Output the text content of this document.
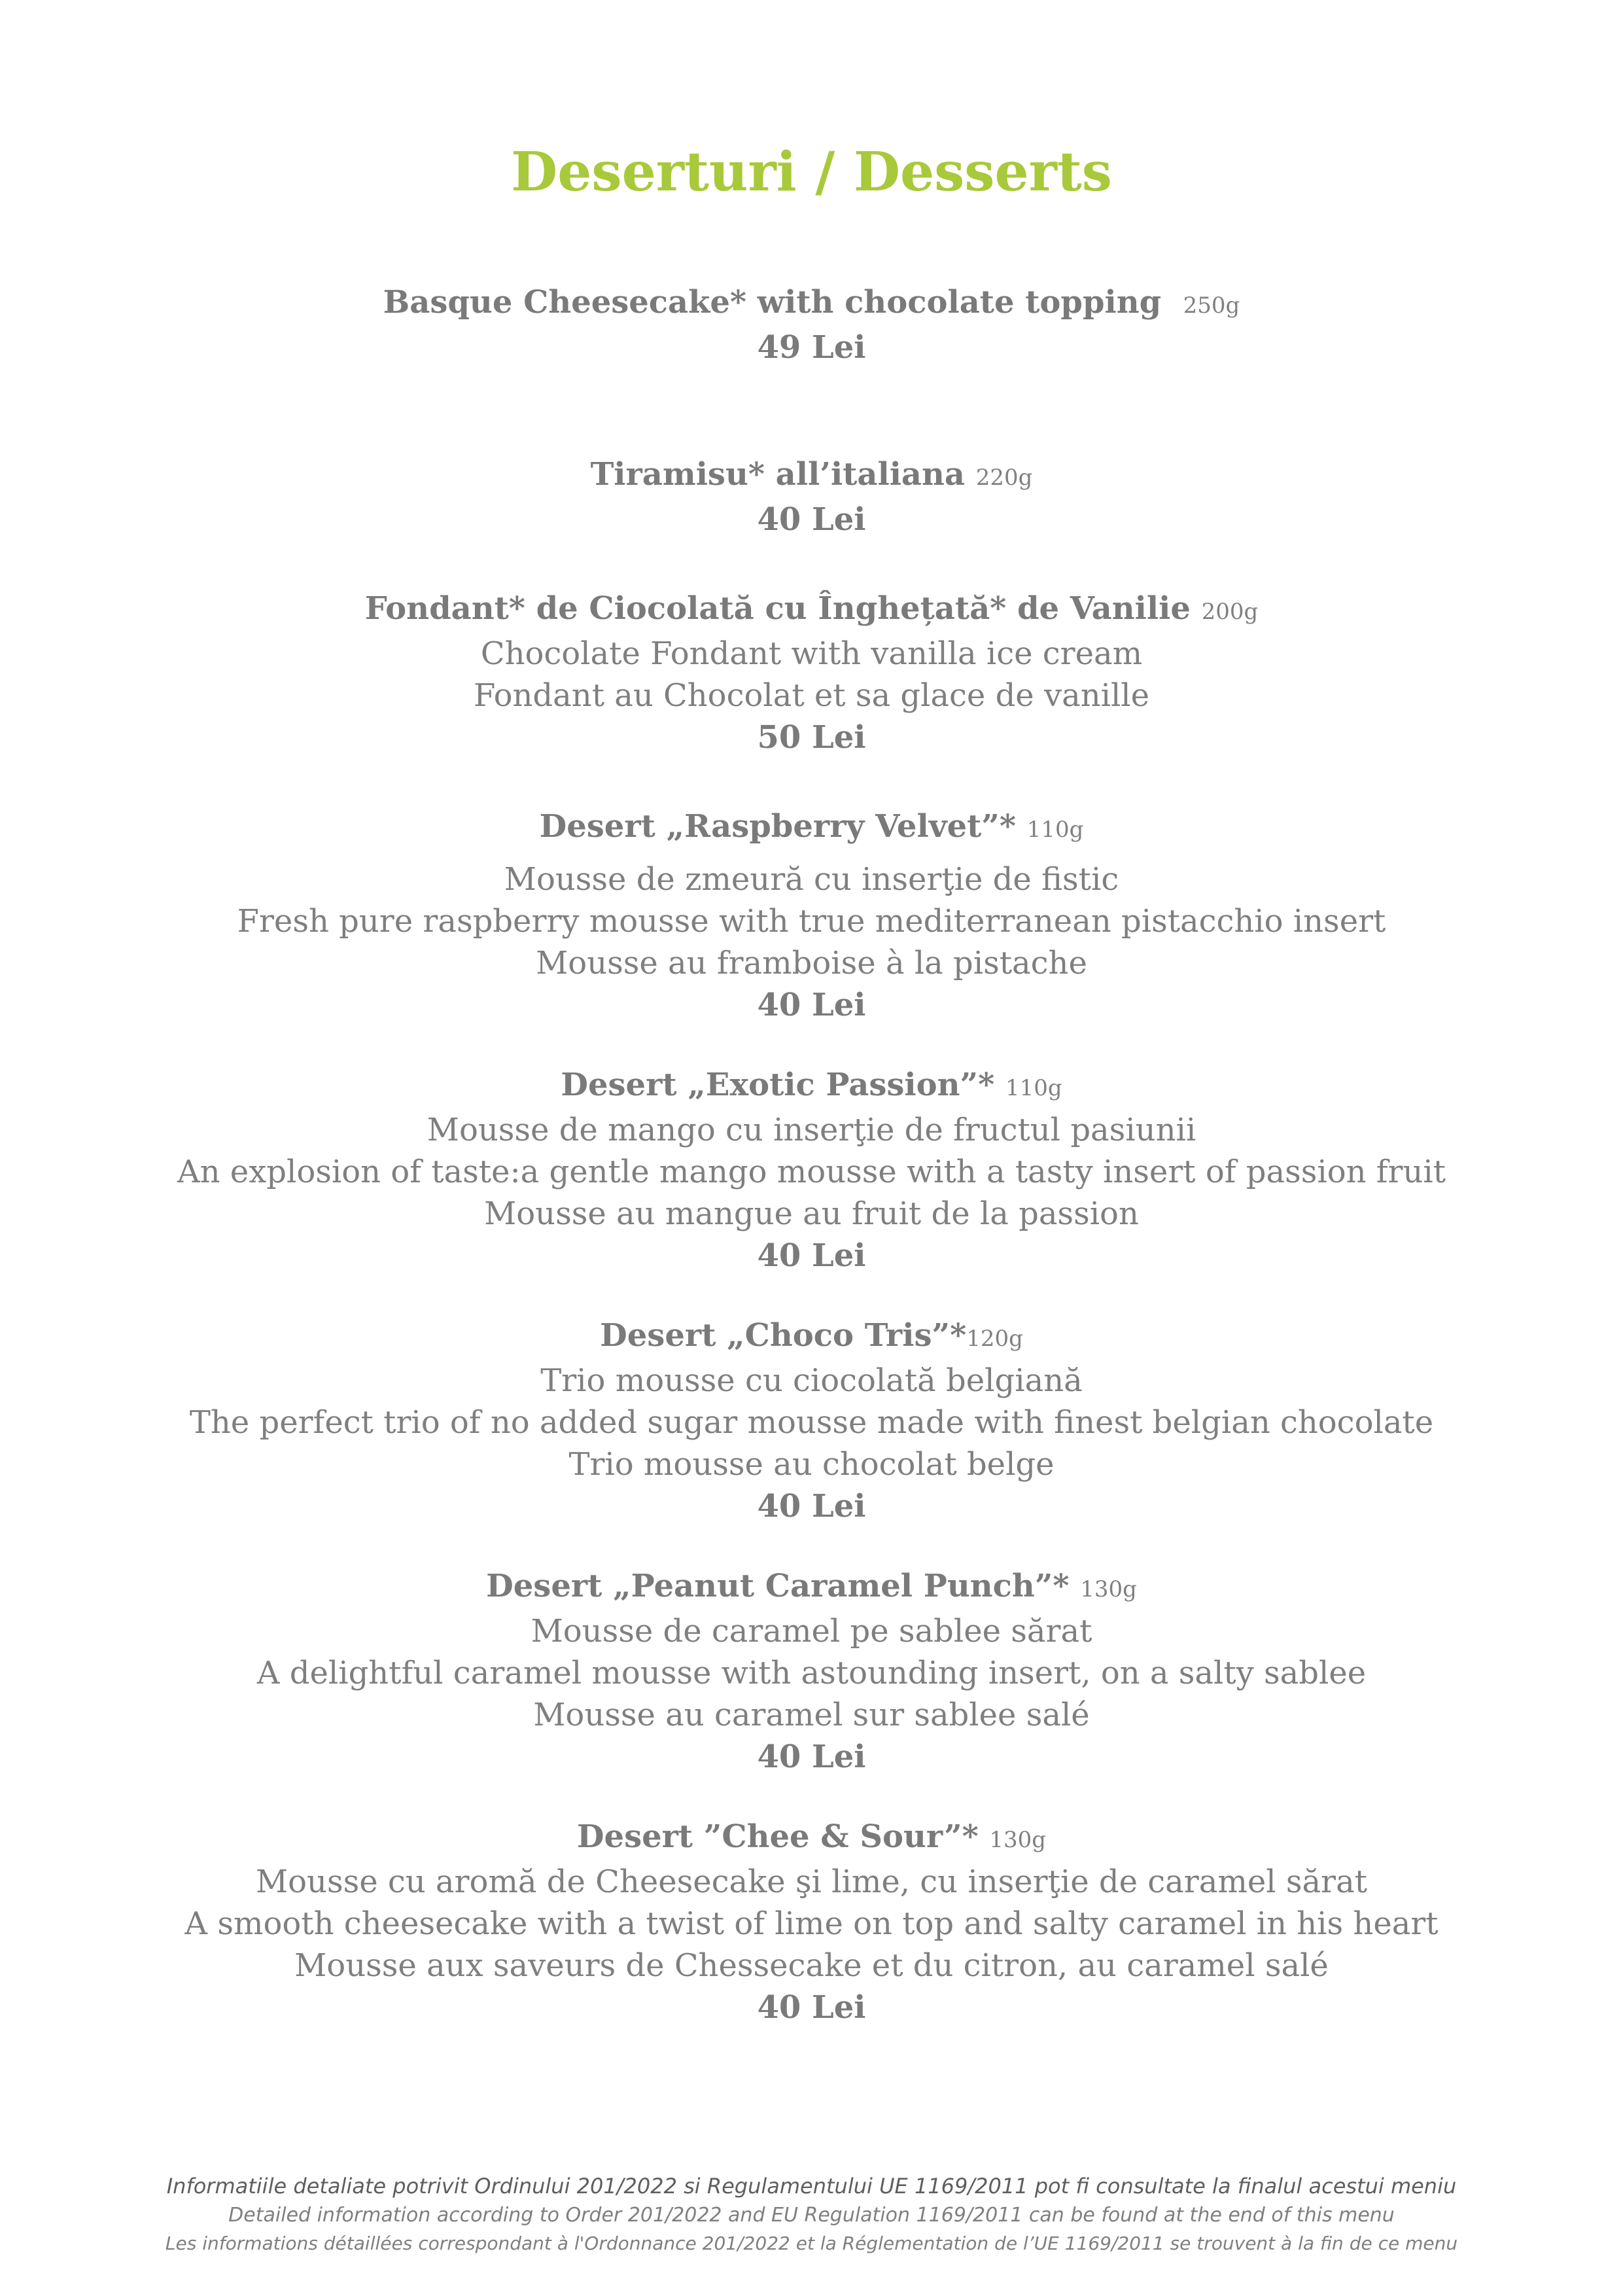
Deserturi / Desserts
Basque Cheesecake* with chocolate topping 250g
49 Lei
Tiramisu* all’italiana 220g
40 Lei
Fondant* de Ciocolată cu Înghețată* de Vanilie 200g
Chocolate Fondant with vanilla ice cream
Fondant au Chocolat et sa glace de vanille
50 Lei
Desert „Raspberry Velvet”* 110g
Mousse de zmeură cu inserţie de fistic
Fresh pure raspberry mousse with true mediterranean pistacchio insert
Mousse au framboise à la pistache
40 Lei
Desert „Exotic Passion”* 110g
Mousse de mango cu inserţie de fructul pasiunii
An explosion of taste:a gentle mango mousse with a tasty insert of passion fruit
Mousse au mangue au fruit de la passion
40 Lei
Desert „Choco Tris”*120g
Trio mousse cu ciocolată belgiană
The perfect trio of no added sugar mousse made with finest belgian chocolate
Trio mousse au chocolat belge
40 Lei
Desert „Peanut Caramel Punch”* 130g
Mousse de caramel pe sablee sărat
A delightful caramel mousse with astounding insert, on a salty sablee
Mousse au caramel sur sablee salé
40 Lei
Desert ”Chee & Sour”* 130g
Mousse cu aromă de Cheesecake şi lime, cu inserţie de caramel sărat
A smooth cheesecake with a twist of lime on top and salty caramel in his heart
Mousse aux saveurs de Chessecake et du citron, au caramel salé
40 Lei
Informatiile detaliate potrivit Ordinului 201/2022 si Regulamentului UE 1169/2011 pot fi consultate la finalul acestui meniu
Detailed information according to Order 201/2022 and EU Regulation 1169/2011 can be found at the end of this menu
Les informations détaillées correspondant à l'Ordonnance 201/2022 et la Réglementation de l’UE 1169/2011 se trouvent à la fin de ce menu
